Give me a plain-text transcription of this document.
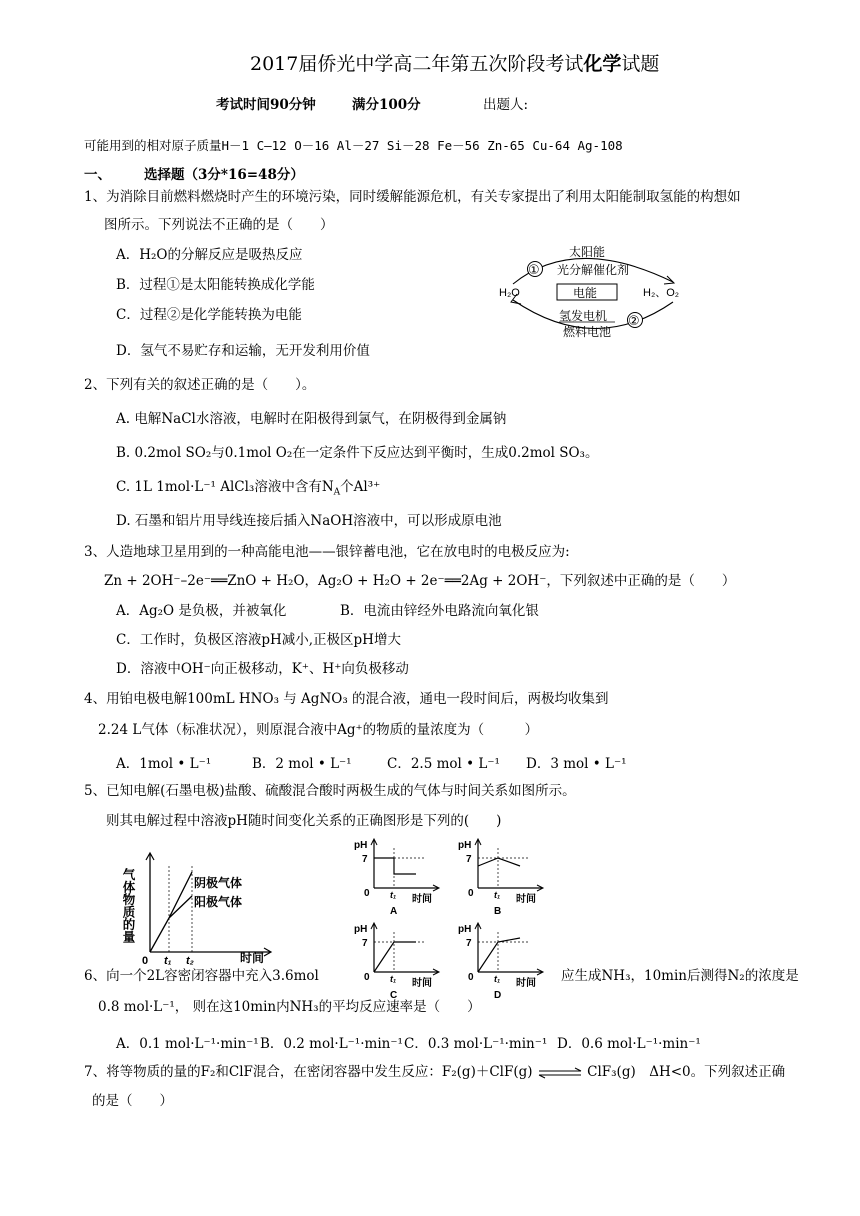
2017届侨光中学高二年第五次阶段考试化学试题
考试时间90分钟	满分100分	出题人:
可能用到的相对原子质量H－1 C—12 O－16 Al－27 Si－28 Fe－56 Zn-65 Cu-64 Ag-108
一、 选择题（3分*16=48分）
1、为消除目前燃料燃烧时产生的环境污染，同时缓解能源危机，有关专家提出了利用太阳能制取氢能的构想如
图所示。下列说法不正确的是（　　）
A．H₂O的分解反应是吸热反应
B．过程①是太阳能转换成化学能
C．过程②是化学能转换为电能
D．氢气不易贮存和运输，无开发利用价值
太阳能
① 光分解催化剂
H₂O	电能	H₂、O₂
氢发电机
燃料电池
②
2、下列有关的叙述正确的是（　　）。
A. 电解NaCl水溶液，电解时在阳极得到氯气，在阴极得到金属钠
B. 0.2mol SO₂与0.1mol O₂在一定条件下反应达到平衡时，生成0.2mol SO₃。
C. 1L 1mol·L⁻¹ AlCl₃溶液中含有$N_A$个Al³⁺
D. 石墨和铝片用导线连接后插入NaOH溶液中，可以形成原电池
3、人造地球卫星用到的一种高能电池——银锌蓄电池，它在放电时的电极反应为:
Zn + 2OH⁻–2e⁻══ZnO + H₂O，Ag₂O + H₂O + 2e⁻══2Ag + 2OH⁻，下列叙述中正确的是（　　）
A．Ag₂O 是负极，并被氧化	B．电流由锌经外电路流向氧化银
C．工作时，负极区溶液pH减小,正极区pH增大
D．溶液中OH⁻向正极移动，K⁺、H⁺向负极移动
4、用铂电极电解100mL HNO₃ 与 AgNO₃ 的混合液，通电一段时间后，两极均收集到
2.24 L气体（标准状况），则原混合液中Ag⁺的物质的量浓度为（　　　）
A．1mol • L⁻¹	B．2 mol • L⁻¹	C．2.5 mol • L⁻¹ D．3 mol • L⁻¹
5、已知电解(石墨电极)盐酸、硫酸混合酸时两极生成的气体与时间关系如图所示。
则其电解过程中溶液pH随时间变化关系的正确图形是下列的(　　)
气体物质的量	阴极气体
阳极气体
0 t₁ t₂	时间
pH
7
0 t₁ 时间
A
pH
7
0 t₁ 时间
B
pH
7
0 t₁ 时间
C
pH
7
0 t₁ 时间
D
6、向一个2L容密闭容器中充入3.6mol	应生成NH₃，10min后测得N₂的浓度是
0.8 mol·L⁻¹， 则在这10min内NH₃的平均反应速率是（　　）
A．0.1 mol·L⁻¹·min⁻¹ B．0.2 mol·L⁻¹·min⁻¹ C．0.3 mol·L⁻¹·min⁻¹ D．0.6 mol·L⁻¹·min⁻¹
7、将等物质的量的F₂和ClF混合，在密闭容器中发生反应：F₂(g)＋ClF(g) ⇌ ClF₃(g)　ΔH<0。下列叙述正确
的是（　　）
